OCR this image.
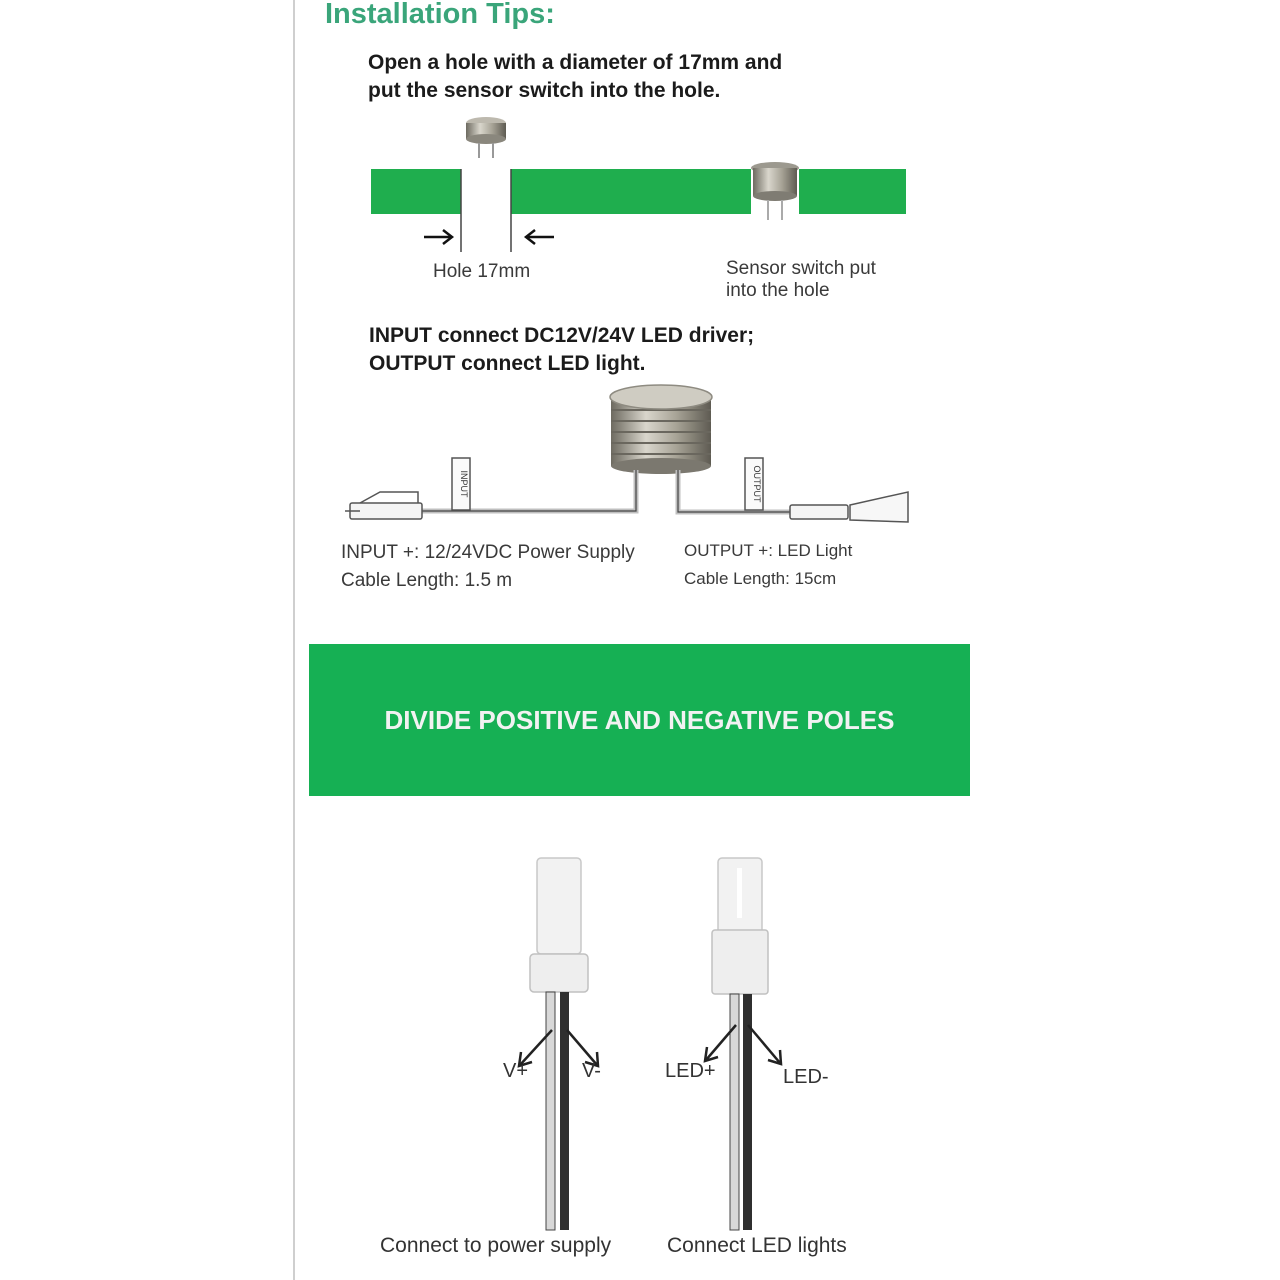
Installation Tips:
Open a hole with a diameter of 17mm and
put the sensor switch into the hole.
INPUT	OUTPUT
Hole 17mm	Sensor switch put
into the hole
INPUT connect DC12V/24V LED driver;
OUTPUT connect LED light.
INPUT +: 12/24VDC Power Supply
Cable Length: 1.5 m
OUTPUT +: LED Light
Cable Length: 15cm
DIVIDE POSITIVE AND NEGATIVE POLES
V+	V-	LED+	LED-
Connect to power supply	Connect LED lights
